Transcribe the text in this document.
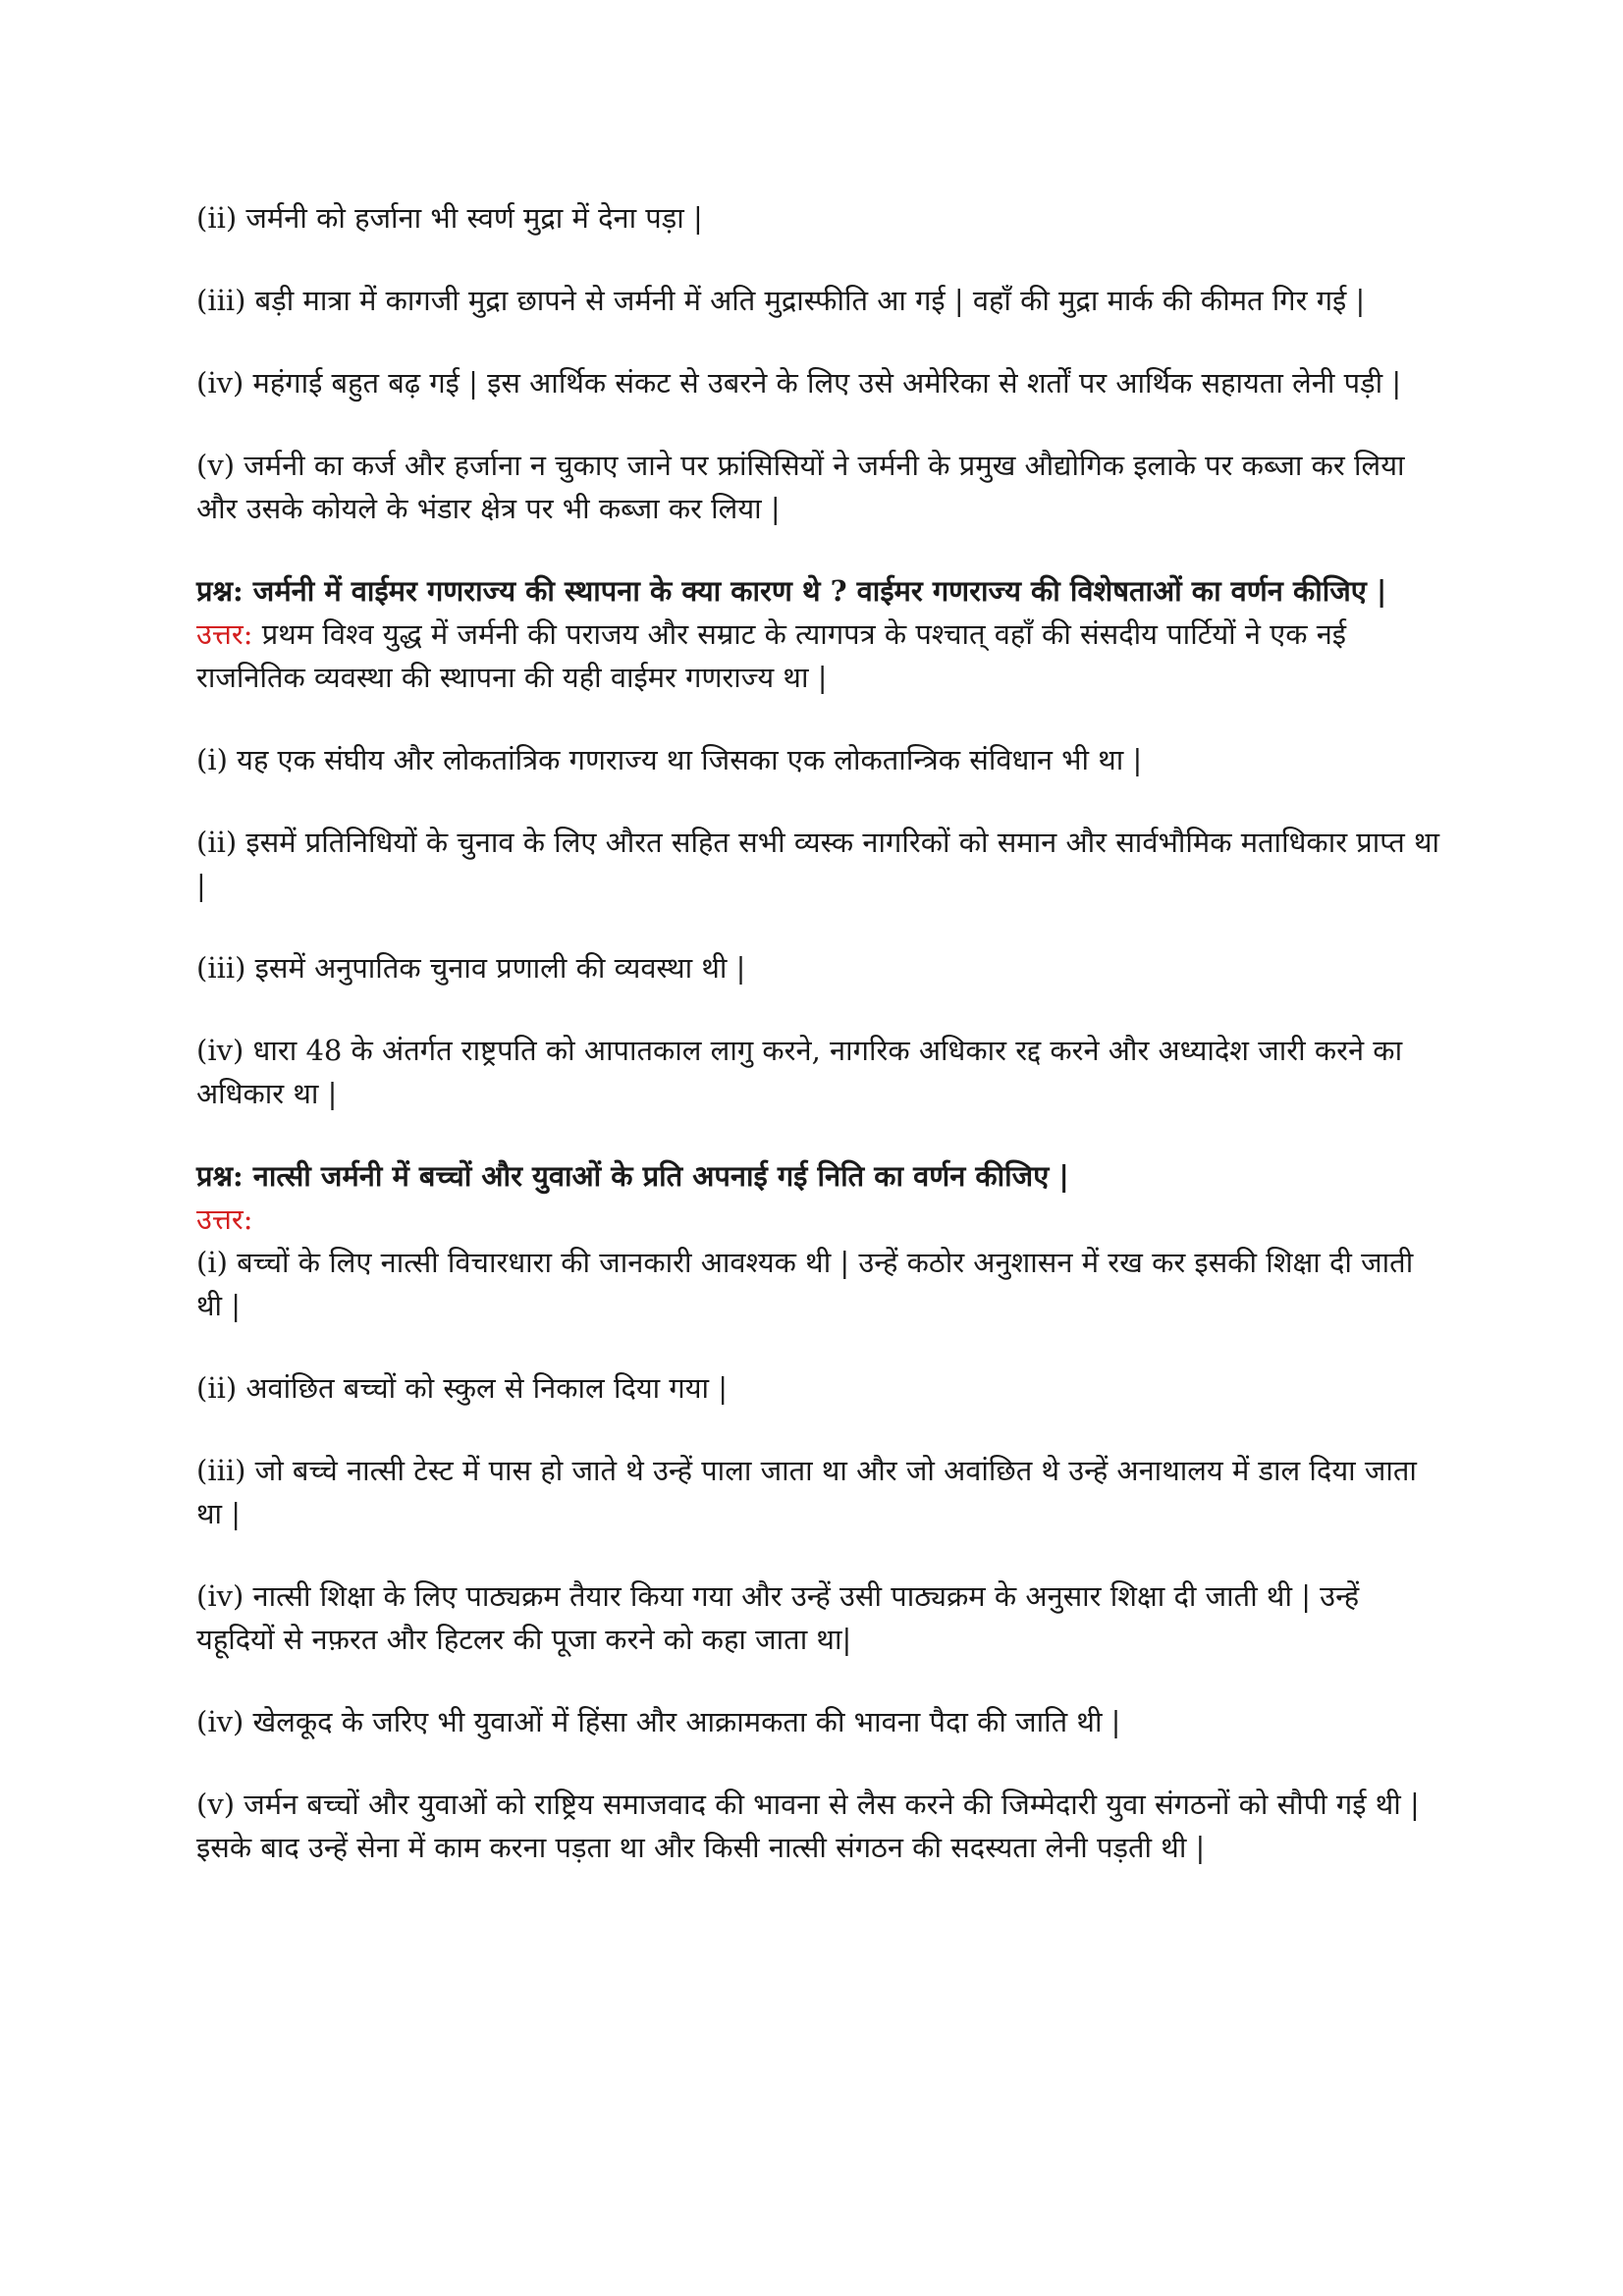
(ii) जर्मनी को हर्जाना भी स्वर्ण मुद्रा में देना पड़ा |

(iii) बड़ी मात्रा में कागजी मुद्रा छापने से जर्मनी में अति मुद्रास्फीति आ गई | वहाँ की मुद्रा मार्क की कीमत गिर गई |

(iv) महंगाई बहुत बढ़ गई | इस आर्थिक संकट से उबरने के लिए उसे अमेरिका से शर्तों पर आर्थिक सहायता लेनी पड़ी |

(v) जर्मनी का कर्ज और हर्जाना न चुकाए जाने पर फ्रांसिसियों ने जर्मनी के प्रमुख औद्योगिक इलाके पर कब्जा कर लिया और उसके कोयले के भंडार क्षेत्र पर भी कब्जा कर लिया |

प्रश्न: जर्मनी में वाईमर गणराज्य की स्थापना के क्या कारण थे ? वाईमर गणराज्य की विशेषताओं का वर्णन कीजिए |

उत्तर: प्रथम विश्व युद्ध में जर्मनी की पराजय और सम्राट के त्यागपत्र के पश्चात् वहाँ की संसदीय पार्टियों ने एक नई राजनितिक व्यवस्था की स्थापना की यही वाईमर गणराज्य था |

(i) यह एक संघीय और लोकतांत्रिक गणराज्य था जिसका एक लोकतान्त्रिक संविधान भी था |

(ii) इसमें प्रतिनिधियों के चुनाव के लिए औरत सहित सभी व्यस्क नागरिकों को समान और सार्वभौमिक मताधिकार प्राप्त था |

(iii) इसमें अनुपातिक चुनाव प्रणाली की व्यवस्था थी |

(iv) धारा 48 के अंतर्गत राष्ट्रपति को आपातकाल लागु करने, नागरिक अधिकार रद्द करने और अध्यादेश जारी करने का अधिकार था |

प्रश्न: नात्सी जर्मनी में बच्चों और युवाओं के प्रति अपनाई गई निति का वर्णन कीजिए |

उत्तर:

(i) बच्चों के लिए नात्सी विचारधारा की जानकारी आवश्यक थी | उन्हें कठोर अनुशासन में रख कर इसकी शिक्षा दी जाती थी |

(ii) अवांछित बच्चों को स्कुल से निकाल दिया गया |

(iii) जो बच्चे नात्सी टेस्ट में पास हो जाते थे उन्हें पाला जाता था और जो अवांछित थे उन्हें अनाथालय में डाल दिया जाता था |

(iv) नात्सी शिक्षा के लिए पाठ्यक्रम तैयार किया गया और उन्हें उसी पाठ्यक्रम के अनुसार शिक्षा दी जाती थी | उन्हें यहूदियों से नफ़रत और हिटलर की पूजा करने को कहा जाता था|

(iv) खेलकूद के जरिए भी युवाओं में हिंसा और आक्रामकता की भावना पैदा की जाति थी |

(v) जर्मन बच्चों और युवाओं को राष्ट्रिय समाजवाद की भावना से लैस करने की जिम्मेदारी युवा संगठनों को सौपी गई थी | इसके बाद उन्हें सेना में काम करना पड़ता था और किसी नात्सी संगठन की सदस्यता लेनी पड़ती थी |
